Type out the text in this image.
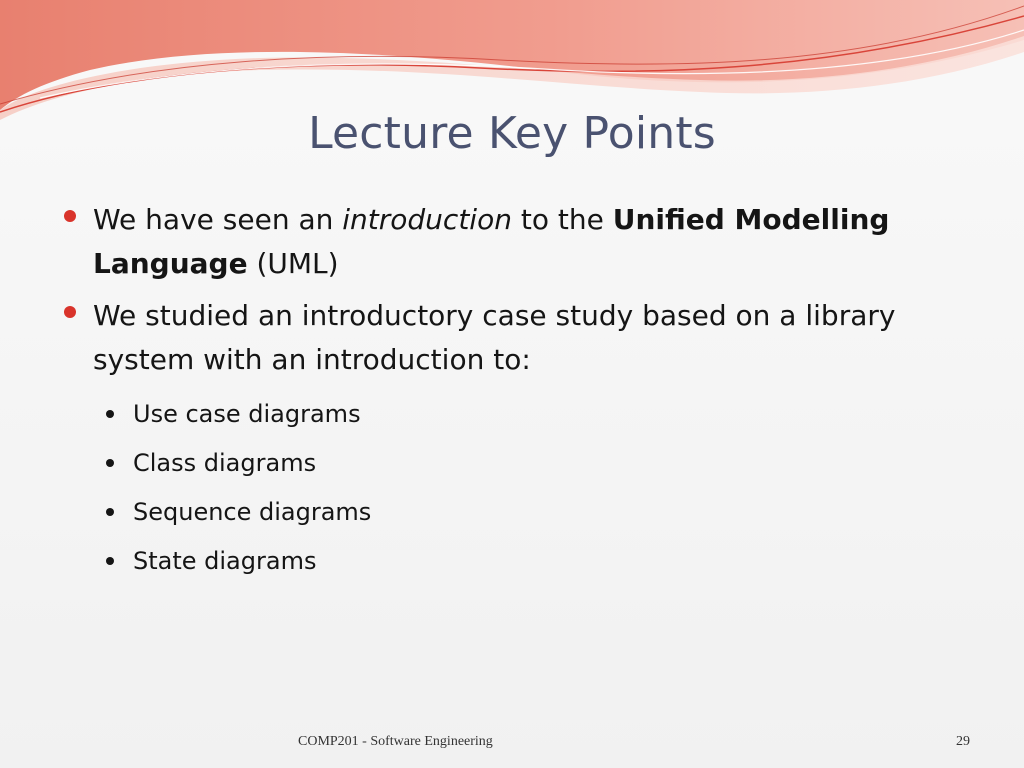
Lecture Key Points
We have seen an introduction to the Unified Modelling Language (UML)
We studied an introductory case study based on a library system with an introduction to:
Use case diagrams
Class diagrams
Sequence diagrams
State diagrams
COMP201 - Software Engineering	29
